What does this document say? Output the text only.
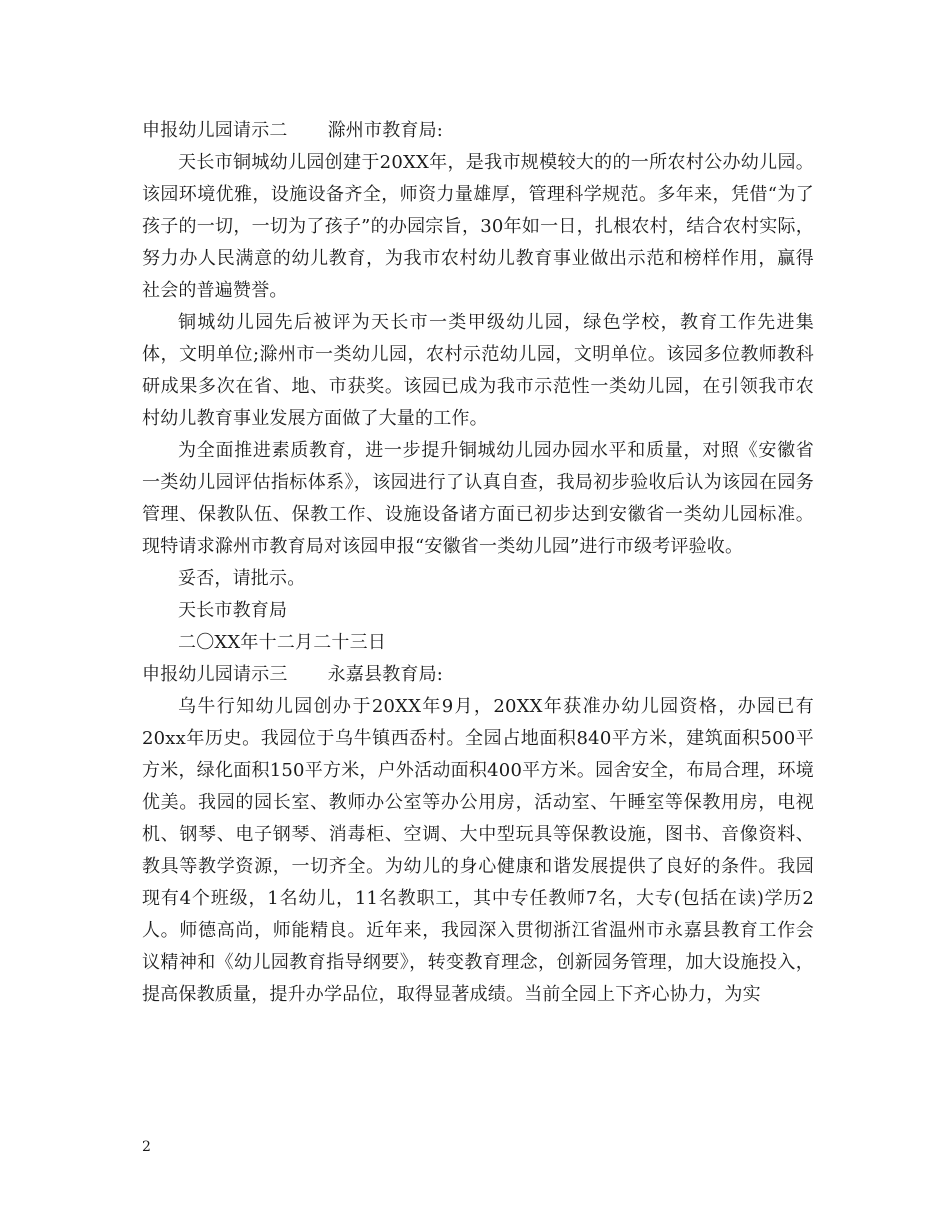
申报幼儿园请示二 滁州市教育局:

天长市铜城幼儿园创建于20XX年，是我市规模较大的的一所农村公办幼儿园。该园环境优雅，设施设备齐全，师资力量雄厚，管理科学规范。多年来，凭借“为了孩子的一切，一切为了孩子”的办园宗旨，30年如一日，扎根农村，结合农村实际，努力办人民满意的幼儿教育，为我市农村幼儿教育事业做出示范和榜样作用，赢得社会的普遍赞誉。

铜城幼儿园先后被评为天长市一类甲级幼儿园，绿色学校，教育工作先进集体，文明单位;滁州市一类幼儿园，农村示范幼儿园，文明单位。该园多位教师教科研成果多次在省、地、市获奖。该园已成为我市示范性一类幼儿园，在引领我市农村幼儿教育事业发展方面做了大量的工作。

为全面推进素质教育，进一步提升铜城幼儿园办园水平和质量，对照《安徽省一类幼儿园评估指标体系》，该园进行了认真自查，我局初步验收后认为该园在园务管理、保教队伍、保教工作、设施设备诸方面已初步达到安徽省一类幼儿园标准。现特请求滁州市教育局对该园申报“安徽省一类幼儿园”进行市级考评验收。

妥否，请批示。

天长市教育局

二〇XX年十二月二十三日

申报幼儿园请示三 永嘉县教育局:

乌牛行知幼儿园创办于20XX年9月，20XX年获准办幼儿园资格，办园已有20xx年历史。我园位于乌牛镇西岙村。全园占地面积840平方米，建筑面积500平方米，绿化面积150平方米，户外活动面积400平方米。园舍安全，布局合理，环境优美。我园的园长室、教师办公室等办公用房，活动室、午睡室等保教用房，电视机、钢琴、电子钢琴、消毒柜、空调、大中型玩具等保教设施，图书、音像资料、教具等教学资源，一切齐全。为幼儿的身心健康和谐发展提供了良好的条件。我园现有4个班级，1名幼儿，11名教职工，其中专任教师7名，大专(包括在读)学历2人。师德高尚，师能精良。近年来，我园深入贯彻浙江省温州市永嘉县教育工作会议精神和《幼儿园教育指导纲要》，转变教育理念，创新园务管理，加大设施投入，提高保教质量，提升办学品位，取得显著成绩。当前全园上下齐心协力，为实

2
